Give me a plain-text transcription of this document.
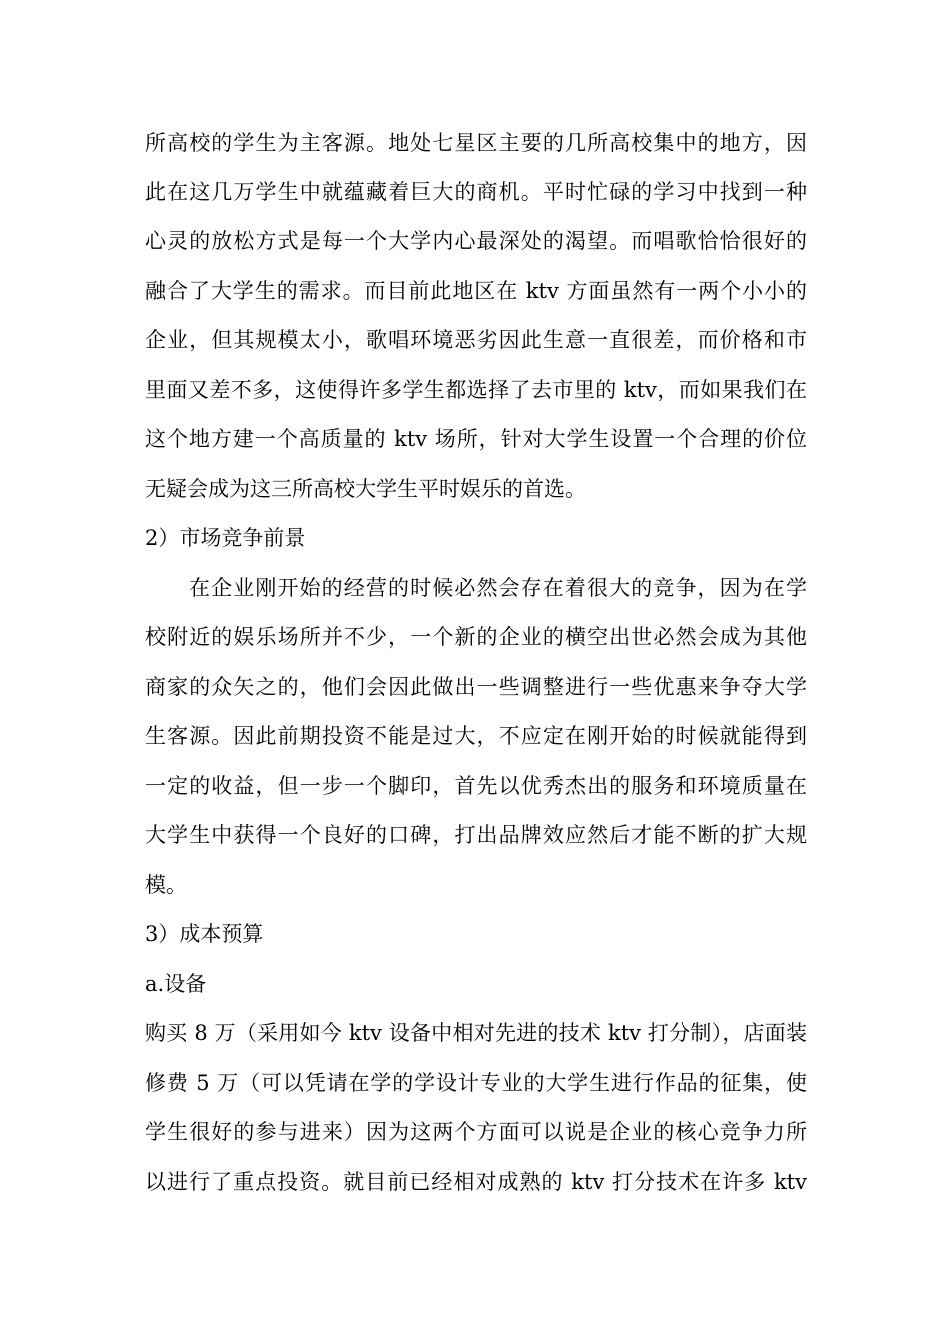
所高校的学生为主客源。地处七星区主要的几所高校集中的地方，因
此在这几万学生中就蕴藏着巨大的商机。平时忙碌的学习中找到一种
心灵的放松方式是每一个大学内心最深处的渴望。而唱歌恰恰很好的
融合了大学生的需求。而目前此地区在 ktv 方面虽然有一两个小小的
企业，但其规模太小，歌唱环境恶劣因此生意一直很差，而价格和市
里面又差不多，这使得许多学生都选择了去市里的 ktv，而如果我们在
这个地方建一个高质量的 ktv 场所，针对大学生设置一个合理的价位
无疑会成为这三所高校大学生平时娱乐的首选。
2）市场竞争前景
在企业刚开始的经营的时候必然会存在着很大的竞争，因为在学
校附近的娱乐场所并不少，一个新的企业的横空出世必然会成为其他
商家的众矢之的，他们会因此做出一些调整进行一些优惠来争夺大学
生客源。因此前期投资不能是过大，不应定在刚开始的时候就能得到
一定的收益，但一步一个脚印，首先以优秀杰出的服务和环境质量在
大学生中获得一个良好的口碑，打出品牌效应然后才能不断的扩大规
模。
3）成本预算
a.设备
购买 8 万（采用如今 ktv 设备中相对先进的技术 ktv 打分制），店面装
修费 5 万（可以凭请在学的学设计专业的大学生进行作品的征集，使
学生很好的参与进来）因为这两个方面可以说是企业的核心竞争力所
以进行了重点投资。就目前已经相对成熟的 ktv 打分技术在许多 ktv
